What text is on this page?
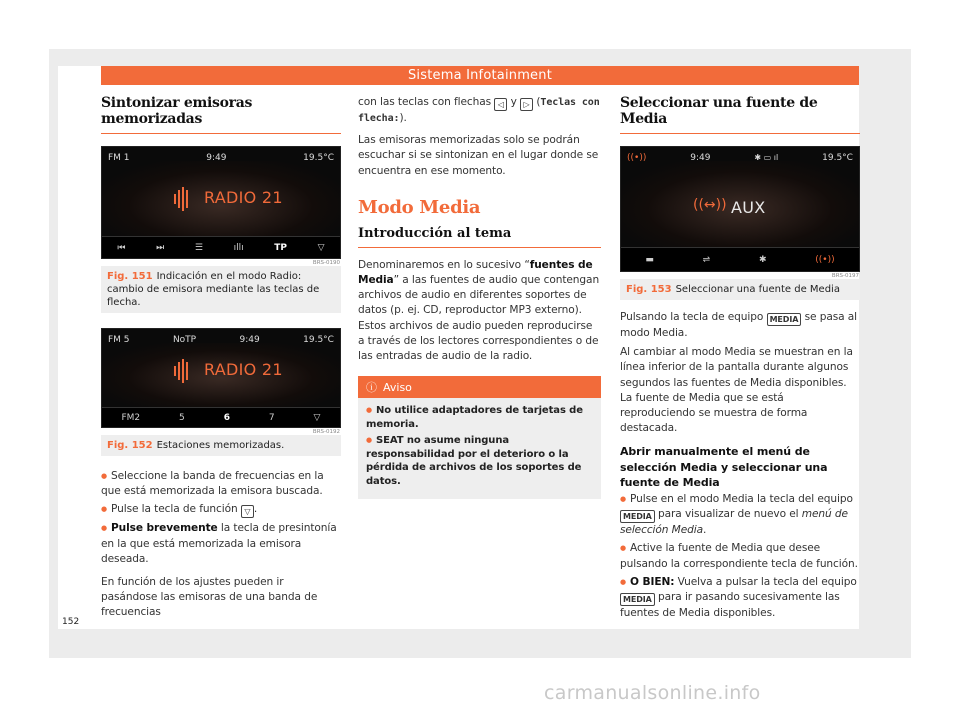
Sistema Infotainment
Sintonizar emisoras memorizadas
FM 1	9:49	19.5°C
RADIO 21
⏮	⏭	☰	ıllı	TP	▽
BRS-0190
Fig. 151 Indicación en el modo Radio: cambio de emisora mediante las teclas de flecha.
FM 5	NoTP	9:49	19.5°C
RADIO 21
FM2	5	6	7	▽
BRS-0192
Fig. 152 Estaciones memorizadas.

● Seleccione la banda de frecuencias en la que está memorizada la emisora buscada.

● Pulse la tecla de función ▽ .

● Pulse brevemente la tecla de presintonía en la que está memorizada la emisora deseada.

En función de los ajustes pueden ir pasándose las emisoras de una banda de frecuencias

con las teclas con flechas ◁ y ▷ (Teclas con flecha:).

Las emisoras memorizadas solo se podrán escuchar si se sintonizan en el lugar donde se encuentra en ese momento.

Modo Media
Introducción al tema

Denominaremos en lo sucesivo “fuentes de Media” a las fuentes de audio que contengan archivos de audio en diferentes soportes de datos (p. ej. CD, reproductor MP3 externo). Estos archivos de audio pueden reproducirse a través de los lectores correspondientes o de las entradas de audio de la radio.

ⓘ Aviso

● No utilice adaptadores de tarjetas de memoria.

● SEAT no asume ninguna responsabilidad por el deterioro o la pérdida de archivos de los soportes de datos.

Seleccionar una fuente de Media
((•))	9:49	✱ ▭ ıl	19.5°C
((↔)) AUX
▬	⇌	✱	((•))
BRS-0197
Fig. 153 Seleccionar una fuente de Media

Pulsando la tecla de equipo MEDIA se pasa al modo Media.

Al cambiar al modo Media se muestran en la línea inferior de la pantalla durante algunos segundos las fuentes de Media disponibles. La fuente de Media que se está reproduciendo se muestra de forma destacada.

Abrir manualmente el menú de selección Media y seleccionar una fuente de Media

● Pulse en el modo Media la tecla del equipo MEDIA para visualizar de nuevo el menú de selección Media.

● Active la fuente de Media que desee pulsando la correspondiente tecla de función.

● O BIEN: Vuelva a pulsar la tecla del equipo MEDIA para ir pasando sucesivamente las fuentes de Media disponibles.

152
carmanualsonline.info
